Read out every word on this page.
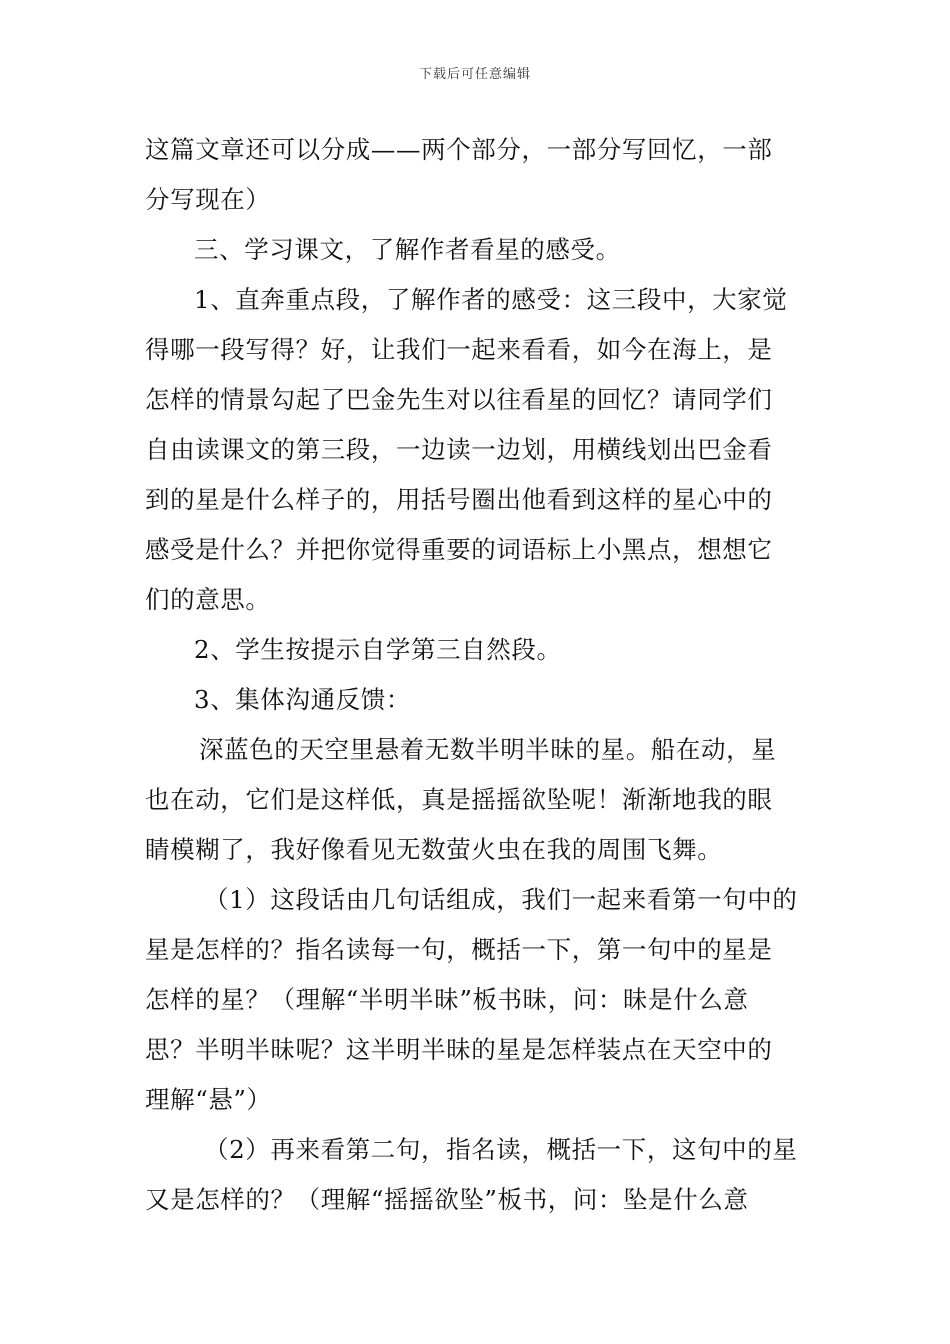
下载后可任意编辑
这篇文章还可以分成——两个部分，一部分写回忆，一部
分写现在）
三、学习课文，了解作者看星的感受。
1、直奔重点段，了解作者的感受：这三段中，大家觉
得哪一段写得？好，让我们一起来看看，如今在海上，是
怎样的情景勾起了巴金先生对以往看星的回忆？请同学们
自由读课文的第三段，一边读一边划，用横线划出巴金看
到的星是什么样子的，用括号圈出他看到这样的星心中的
感受是什么？并把你觉得重要的词语标上小黑点，想想它
们的意思。
2、学生按提示自学第三自然段。
3、集体沟通反馈：
深蓝色的天空里悬着无数半明半昧的星。船在动，星
也在动，它们是这样低，真是摇摇欲坠呢！渐渐地我的眼
睛模糊了，我好像看见无数萤火虫在我的周围飞舞。
（1）这段话由几句话组成，我们一起来看第一句中的
星是怎样的？指名读每一句，概括一下，第一句中的星是
怎样的星？（理解“半明半昧”板书昧，问：昧是什么意
思？半明半昧呢？这半明半昧的星是怎样装点在天空中的
理解“悬”）
（2）再来看第二句，指名读，概括一下，这句中的星
又是怎样的？（理解“摇摇欲坠”板书，问：坠是什么意
